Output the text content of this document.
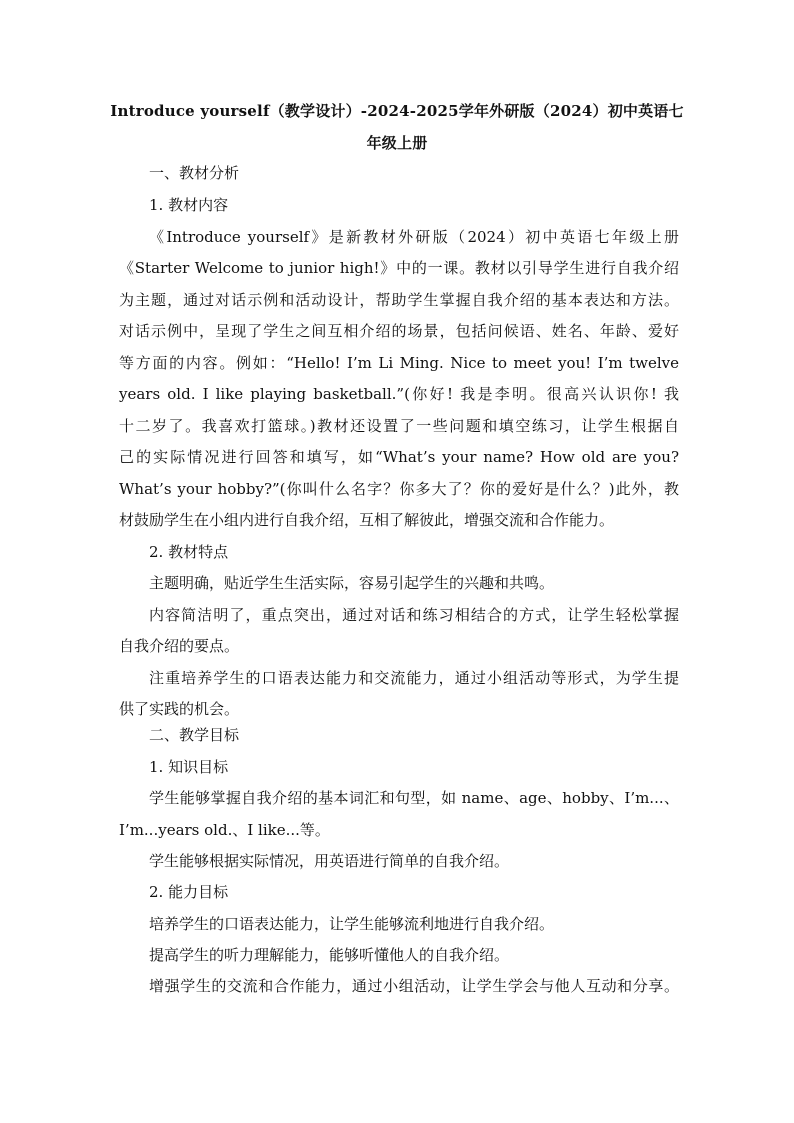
Introduce yourself（教学设计）-2024-2025学年外研版（2024）初中英语七
年级上册
一、教材分析
1. 教材内容
《Introduce yourself》是新教材外研版（2024）初中英语七年级上册
《Starter Welcome to junior high!》中的一课。教材以引导学生进行自我介绍
为主题，通过对话示例和活动设计，帮助学生掌握自我介绍的基本表达和方法。
对话示例中，呈现了学生之间互相介绍的场景，包括问候语、姓名、年龄、爱好
等方面的内容。例如：“Hello! I’m Li Ming. Nice to meet you! I’m twelve
years old. I like playing basketball.”(你好! 我是李明。很高兴认识你! 我
十二岁了。我喜欢打篮球。)教材还设置了一些问题和填空练习，让学生根据自
己的实际情况进行回答和填写，如“What’s your name? How old are you?
What’s your hobby?”(你叫什么名字？你多大了？你的爱好是什么？)此外，教
材鼓励学生在小组内进行自我介绍，互相了解彼此，增强交流和合作能力。
2. 教材特点
主题明确，贴近学生生活实际，容易引起学生的兴趣和共鸣。
内容简洁明了，重点突出，通过对话和练习相结合的方式，让学生轻松掌握
自我介绍的要点。
注重培养学生的口语表达能力和交流能力，通过小组活动等形式，为学生提
供了实践的机会。
二、教学目标
1. 知识目标
学生能够掌握自我介绍的基本词汇和句型，如 name、age、hobby、I’m...、
I’m...years old.、I like...等。
学生能够根据实际情况，用英语进行简单的自我介绍。
2. 能力目标
培养学生的口语表达能力，让学生能够流利地进行自我介绍。
提高学生的听力理解能力，能够听懂他人的自我介绍。
增强学生的交流和合作能力，通过小组活动，让学生学会与他人互动和分享。
